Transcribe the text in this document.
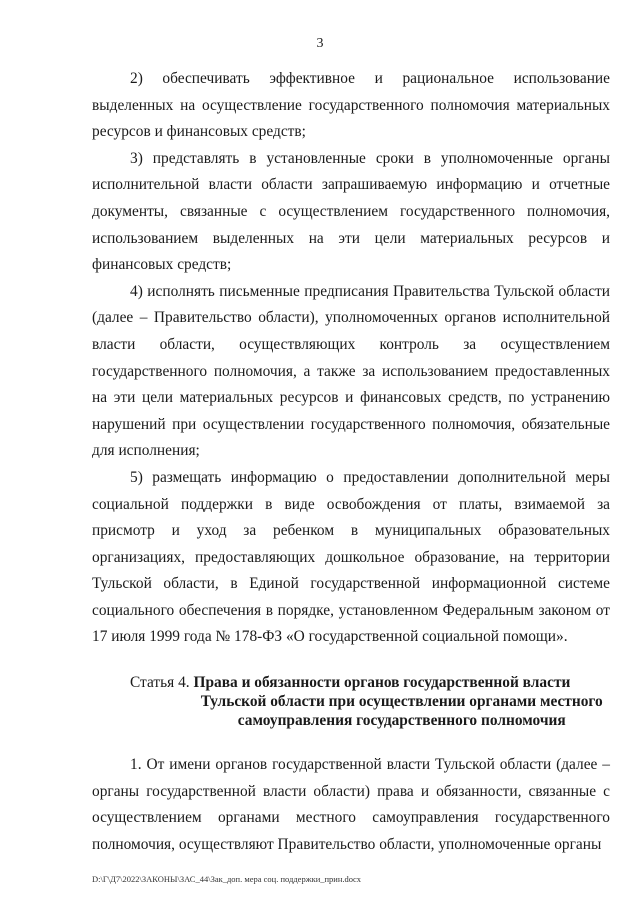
3

2) обеспечивать эффективное и рациональное использование выделенных на осуществление государственного полномочия материальных ресурсов и финансовых средств;

3) представлять в установленные сроки в уполномоченные органы исполнительной власти области запрашиваемую информацию и отчетные документы, связанные с осуществлением государственного полномочия, использованием выделенных на эти цели материальных ресурсов и финансовых средств;

4) исполнять письменные предписания Правительства Тульской области (далее – Правительство области), уполномоченных органов исполнительной власти области, осуществляющих контроль за осуществлением государственного полномочия, а также за использованием предоставленных на эти цели материальных ресурсов и финансовых средств, по устранению нарушений при осуществлении государственного полномочия, обязательные для исполнения;

5) размещать информацию о предоставлении дополнительной меры социальной поддержки в виде освобождения от платы, взимаемой за присмотр и уход за ребенком в муниципальных образовательных организациях, предоставляющих дошкольное образование, на территории Тульской области, в Единой государственной информационной системе социального обеспечения в порядке, установленном Федеральным законом от 17 июля 1999 года № 178-ФЗ «О государственной социальной помощи».

Статья 4. Права и обязанности органов государственной власти
Тульской области при осуществлении органами местного
самоуправления государственного полномочия

1. От имени органов государственной власти Тульской области (далее – органы государственной власти области) права и обязанности, связанные с осуществлением органами местного самоуправления государственного полномочия, осуществляют Правительство области, уполномоченные органы

D:\Г\Д7\2022\ЗАКОНЫ\ЗАС_44\Зак_доп. мера соц. поддержки_прин.docx
